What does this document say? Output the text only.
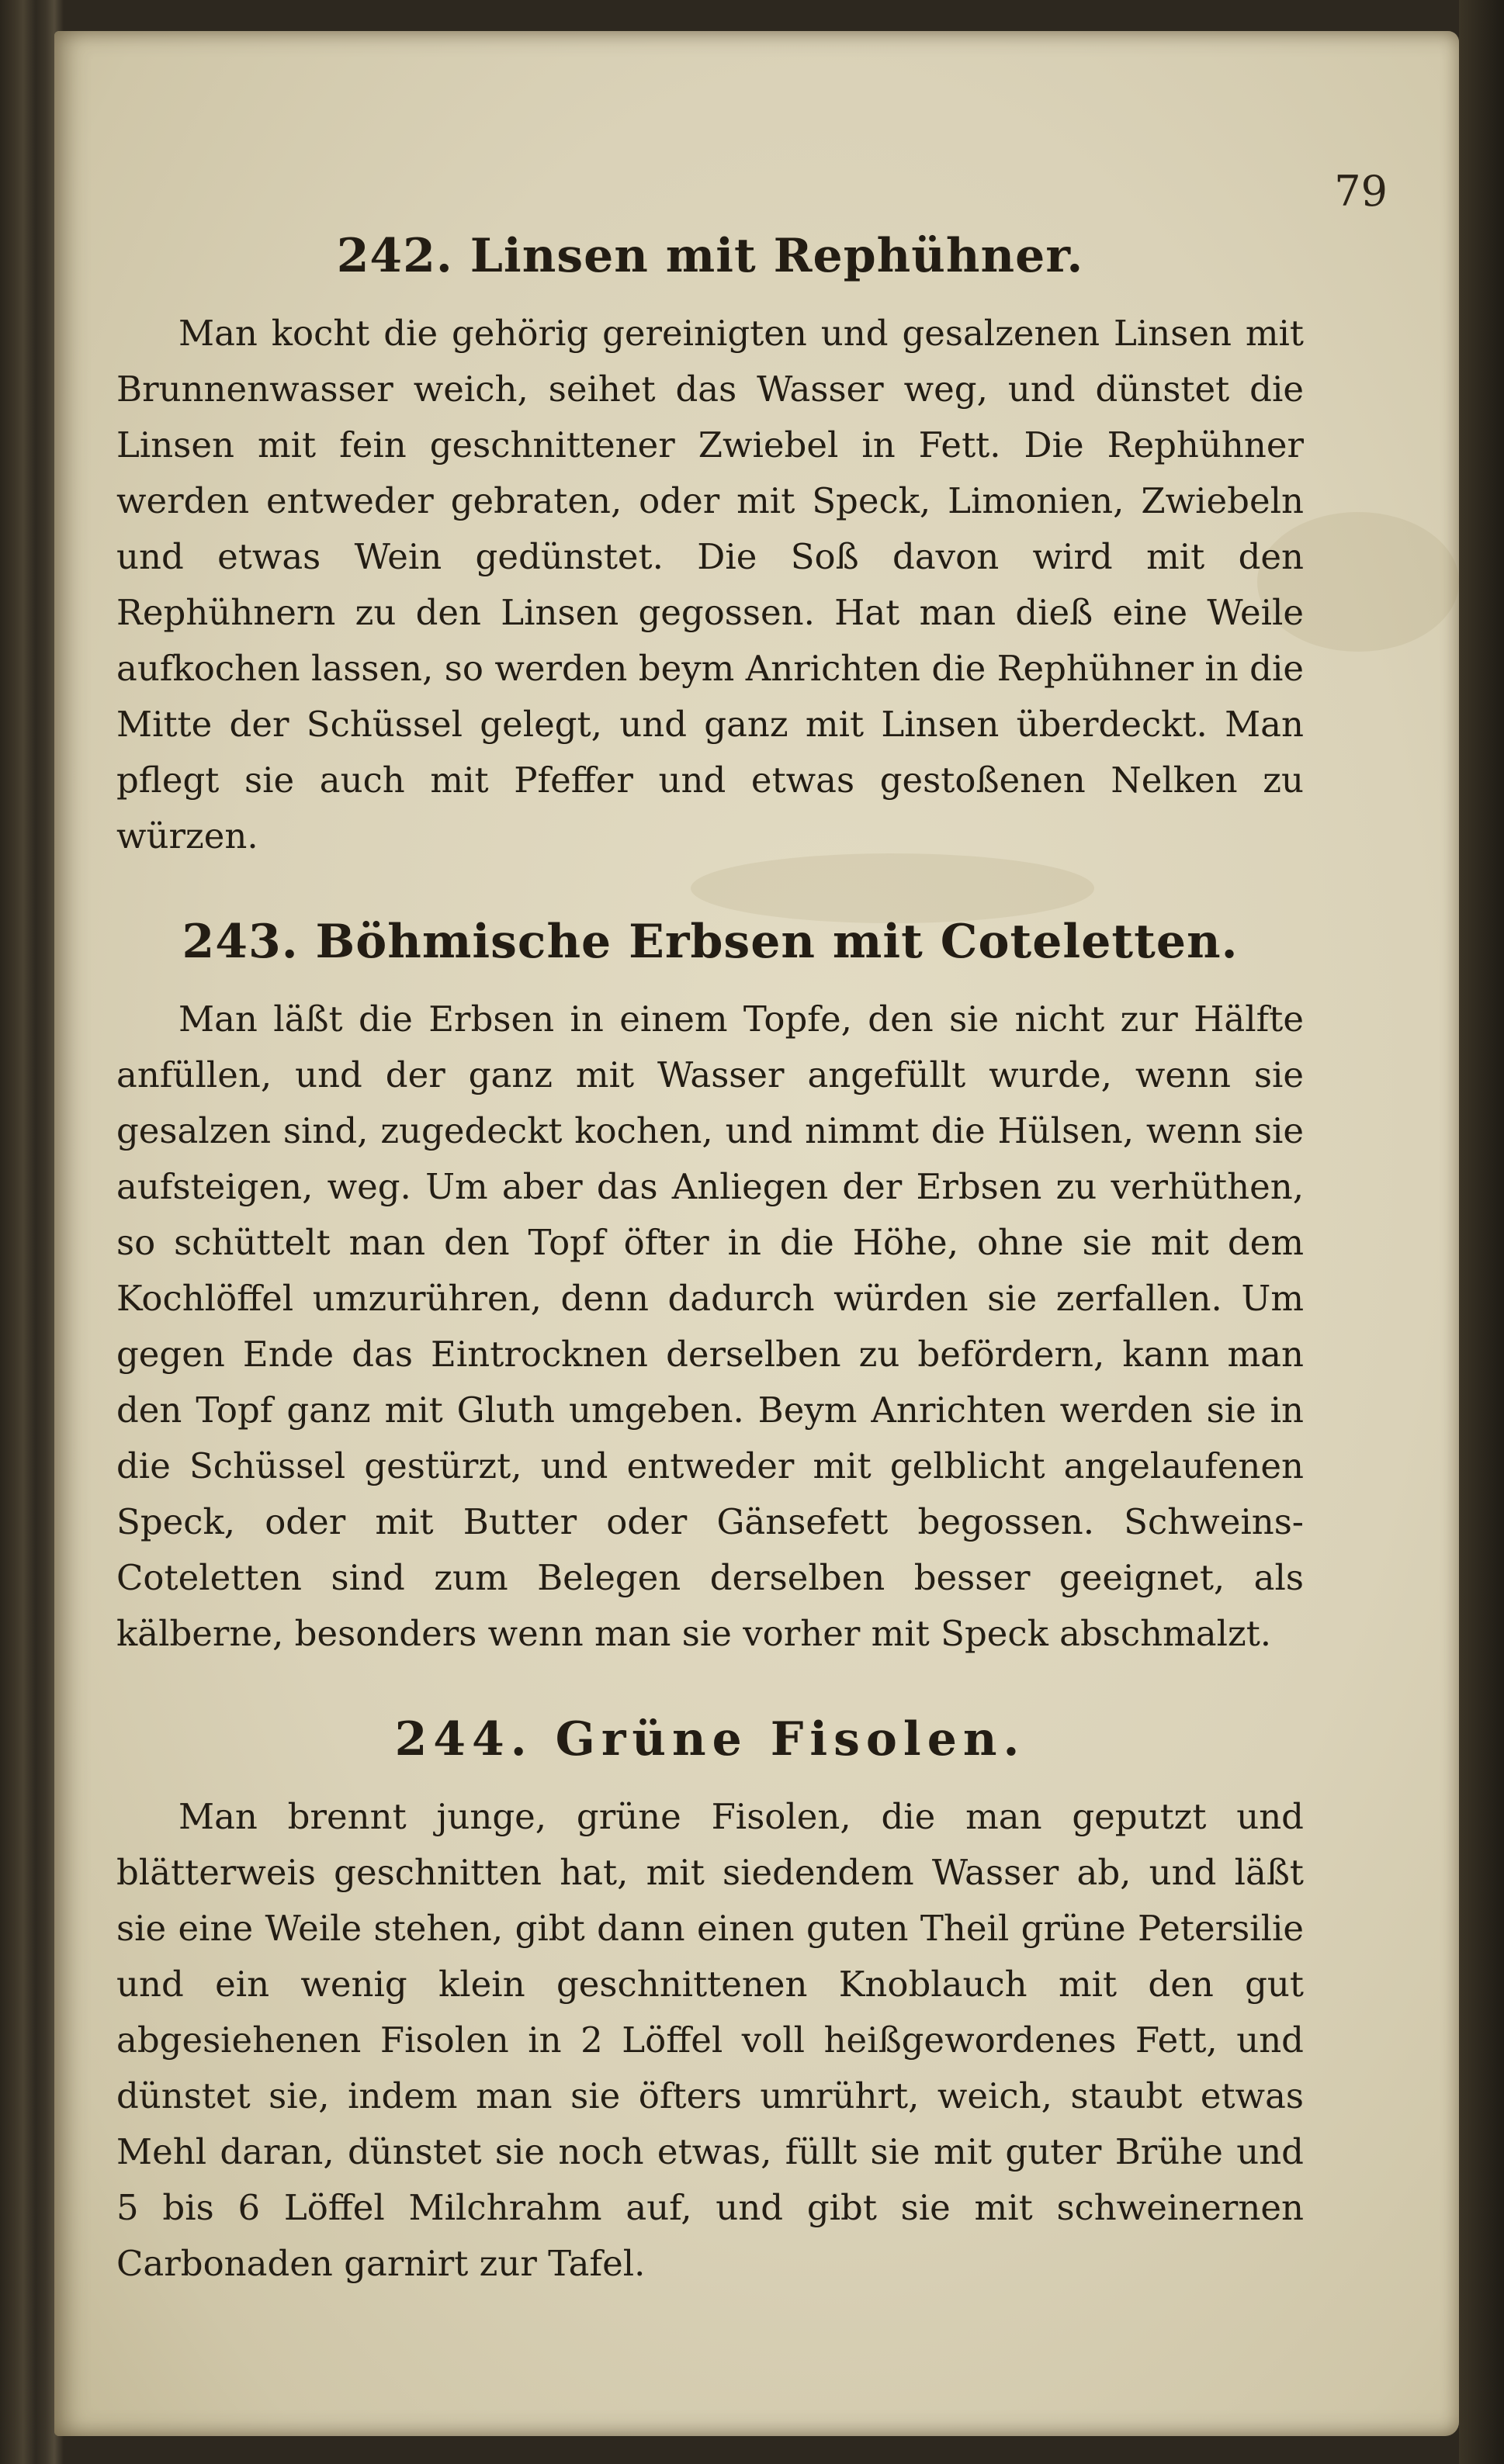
79

242. Linsen mit Rephühner.

Man kocht die gehörig gereinigten und gesalzenen Linsen mit Brunnenwasser weich, seihet das Wasser weg, und dünstet die Linsen mit fein geschnittener Zwiebel in Fett. Die Rephühner werden entweder gebraten, oder mit Speck, Limonien, Zwiebeln und etwas Wein gedünstet. Die Soß davon wird mit den Rephühnern zu den Linsen gegossen. Hat man dieß eine Weile aufkochen lassen, so werden beym Anrichten die Rephühner in die Mitte der Schüssel gelegt, und ganz mit Linsen überdeckt. Man pflegt sie auch mit Pfeffer und etwas gestoßenen Nelken zu würzen.

243. Böhmische Erbsen mit Coteletten.

Man läßt die Erbsen in einem Topfe, den sie nicht zur Hälfte anfüllen, und der ganz mit Wasser angefüllt wurde, wenn sie gesalzen sind, zugedeckt kochen, und nimmt die Hülsen, wenn sie aufsteigen, weg. Um aber das Anliegen der Erbsen zu verhüthen, so schüttelt man den Topf öfter in die Höhe, ohne sie mit dem Kochlöffel umzurühren, denn dadurch würden sie zerfallen. Um gegen Ende das Eintrocknen derselben zu befördern, kann man den Topf ganz mit Gluth umgeben. Beym Anrichten werden sie in die Schüssel gestürzt, und entweder mit gelblicht angelaufenen Speck, oder mit Butter oder Gänsefett begossen. Schweins-Coteletten sind zum Belegen derselben besser geeignet, als kälberne, besonders wenn man sie vorher mit Speck abschmalzt.

244. Grüne Fisolen.

Man brennt junge, grüne Fisolen, die man geputzt und blätterweis geschnitten hat, mit siedendem Wasser ab, und läßt sie eine Weile stehen, gibt dann einen guten Theil grüne Petersilie und ein wenig klein geschnittenen Knoblauch mit den gut abgesiehenen Fisolen in 2 Löffel voll heißgewordenes Fett, und dünstet sie, indem man sie öfters umrührt, weich, staubt etwas Mehl daran, dünstet sie noch etwas, füllt sie mit guter Brühe und 5 bis 6 Löffel Milchrahm auf, und gibt sie mit schweinernen Carbonaden garnirt zur Tafel.
